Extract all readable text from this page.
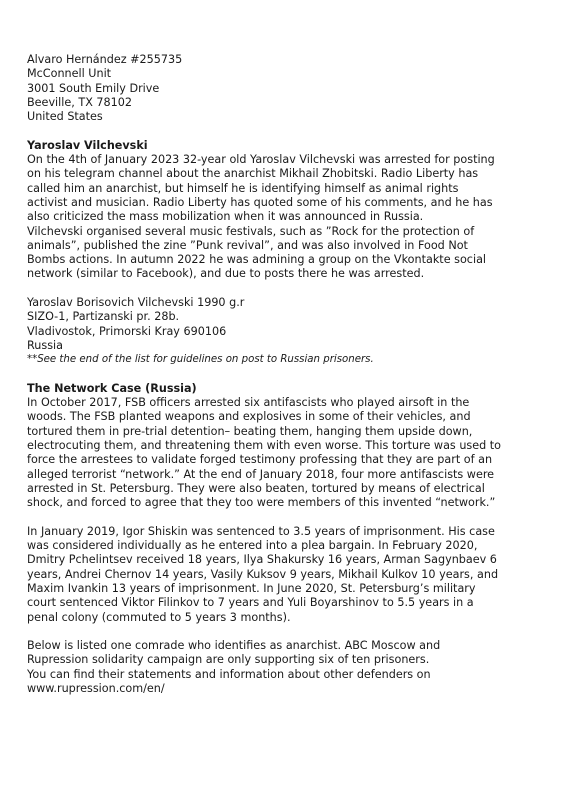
Alvaro Hernández #255735
McConnell Unit
3001 South Emily Drive
Beeville, TX 78102
United States
Yaroslav Vilchevski
On the 4th of January 2023 32-year old Yaroslav Vilchevski was arrested for posting
on his telegram channel about the anarchist Mikhail Zhobitski. Radio Liberty has
called him an anarchist, but himself he is identifying himself as animal rights
activist and musician. Radio Liberty has quoted some of his comments, and he has
also criticized the mass mobilization when it was announced in Russia.
Vilchevski organised several music festivals, such as ”Rock for the protection of
animals”, published the zine ”Punk revival”, and was also involved in Food Not
Bombs actions. In autumn 2022 he was admining a group on the Vkontakte social
network (similar to Facebook), and due to posts there he was arrested.
Yaroslav Borisovich Vilchevski 1990 g.r
SIZO-1, Partizanski pr. 28b.
Vladivostok, Primorski Kray 690106
Russia
**See the end of the list for guidelines on post to Russian prisoners.
The Network Case (Russia)
In October 2017, FSB officers arrested six antifascists who played airsoft in the
woods. The FSB planted weapons and explosives in some of their vehicles, and
tortured them in pre-trial detention– beating them, hanging them upside down,
electrocuting them, and threatening them with even worse. This torture was used to
force the arrestees to validate forged testimony professing that they are part of an
alleged terrorist “network.” At the end of January 2018, four more antifascists were
arrested in St. Petersburg. They were also beaten, tortured by means of electrical
shock, and forced to agree that they too were members of this invented “network.”
In January 2019, Igor Shiskin was sentenced to 3.5 years of imprisonment. His case
was considered individually as he entered into a plea bargain. In February 2020,
Dmitry Pchelintsev received 18 years, Ilya Shakursky 16 years, Arman Sagynbaev 6
years, Andrei Chernov 14 years, Vasily Kuksov 9 years, Mikhail Kulkov 10 years, and
Maxim Ivankin 13 years of imprisonment. In June 2020, St. Petersburg’s military
court sentenced Viktor Filinkov to 7 years and Yuli Boyarshinov to 5.5 years in a
penal colony (commuted to 5 years 3 months).
Below is listed one comrade who identifies as anarchist. ABC Moscow and
Rupression solidarity campaign are only supporting six of ten prisoners.
You can find their statements and information about other defenders on
www.rupression.com/en/
